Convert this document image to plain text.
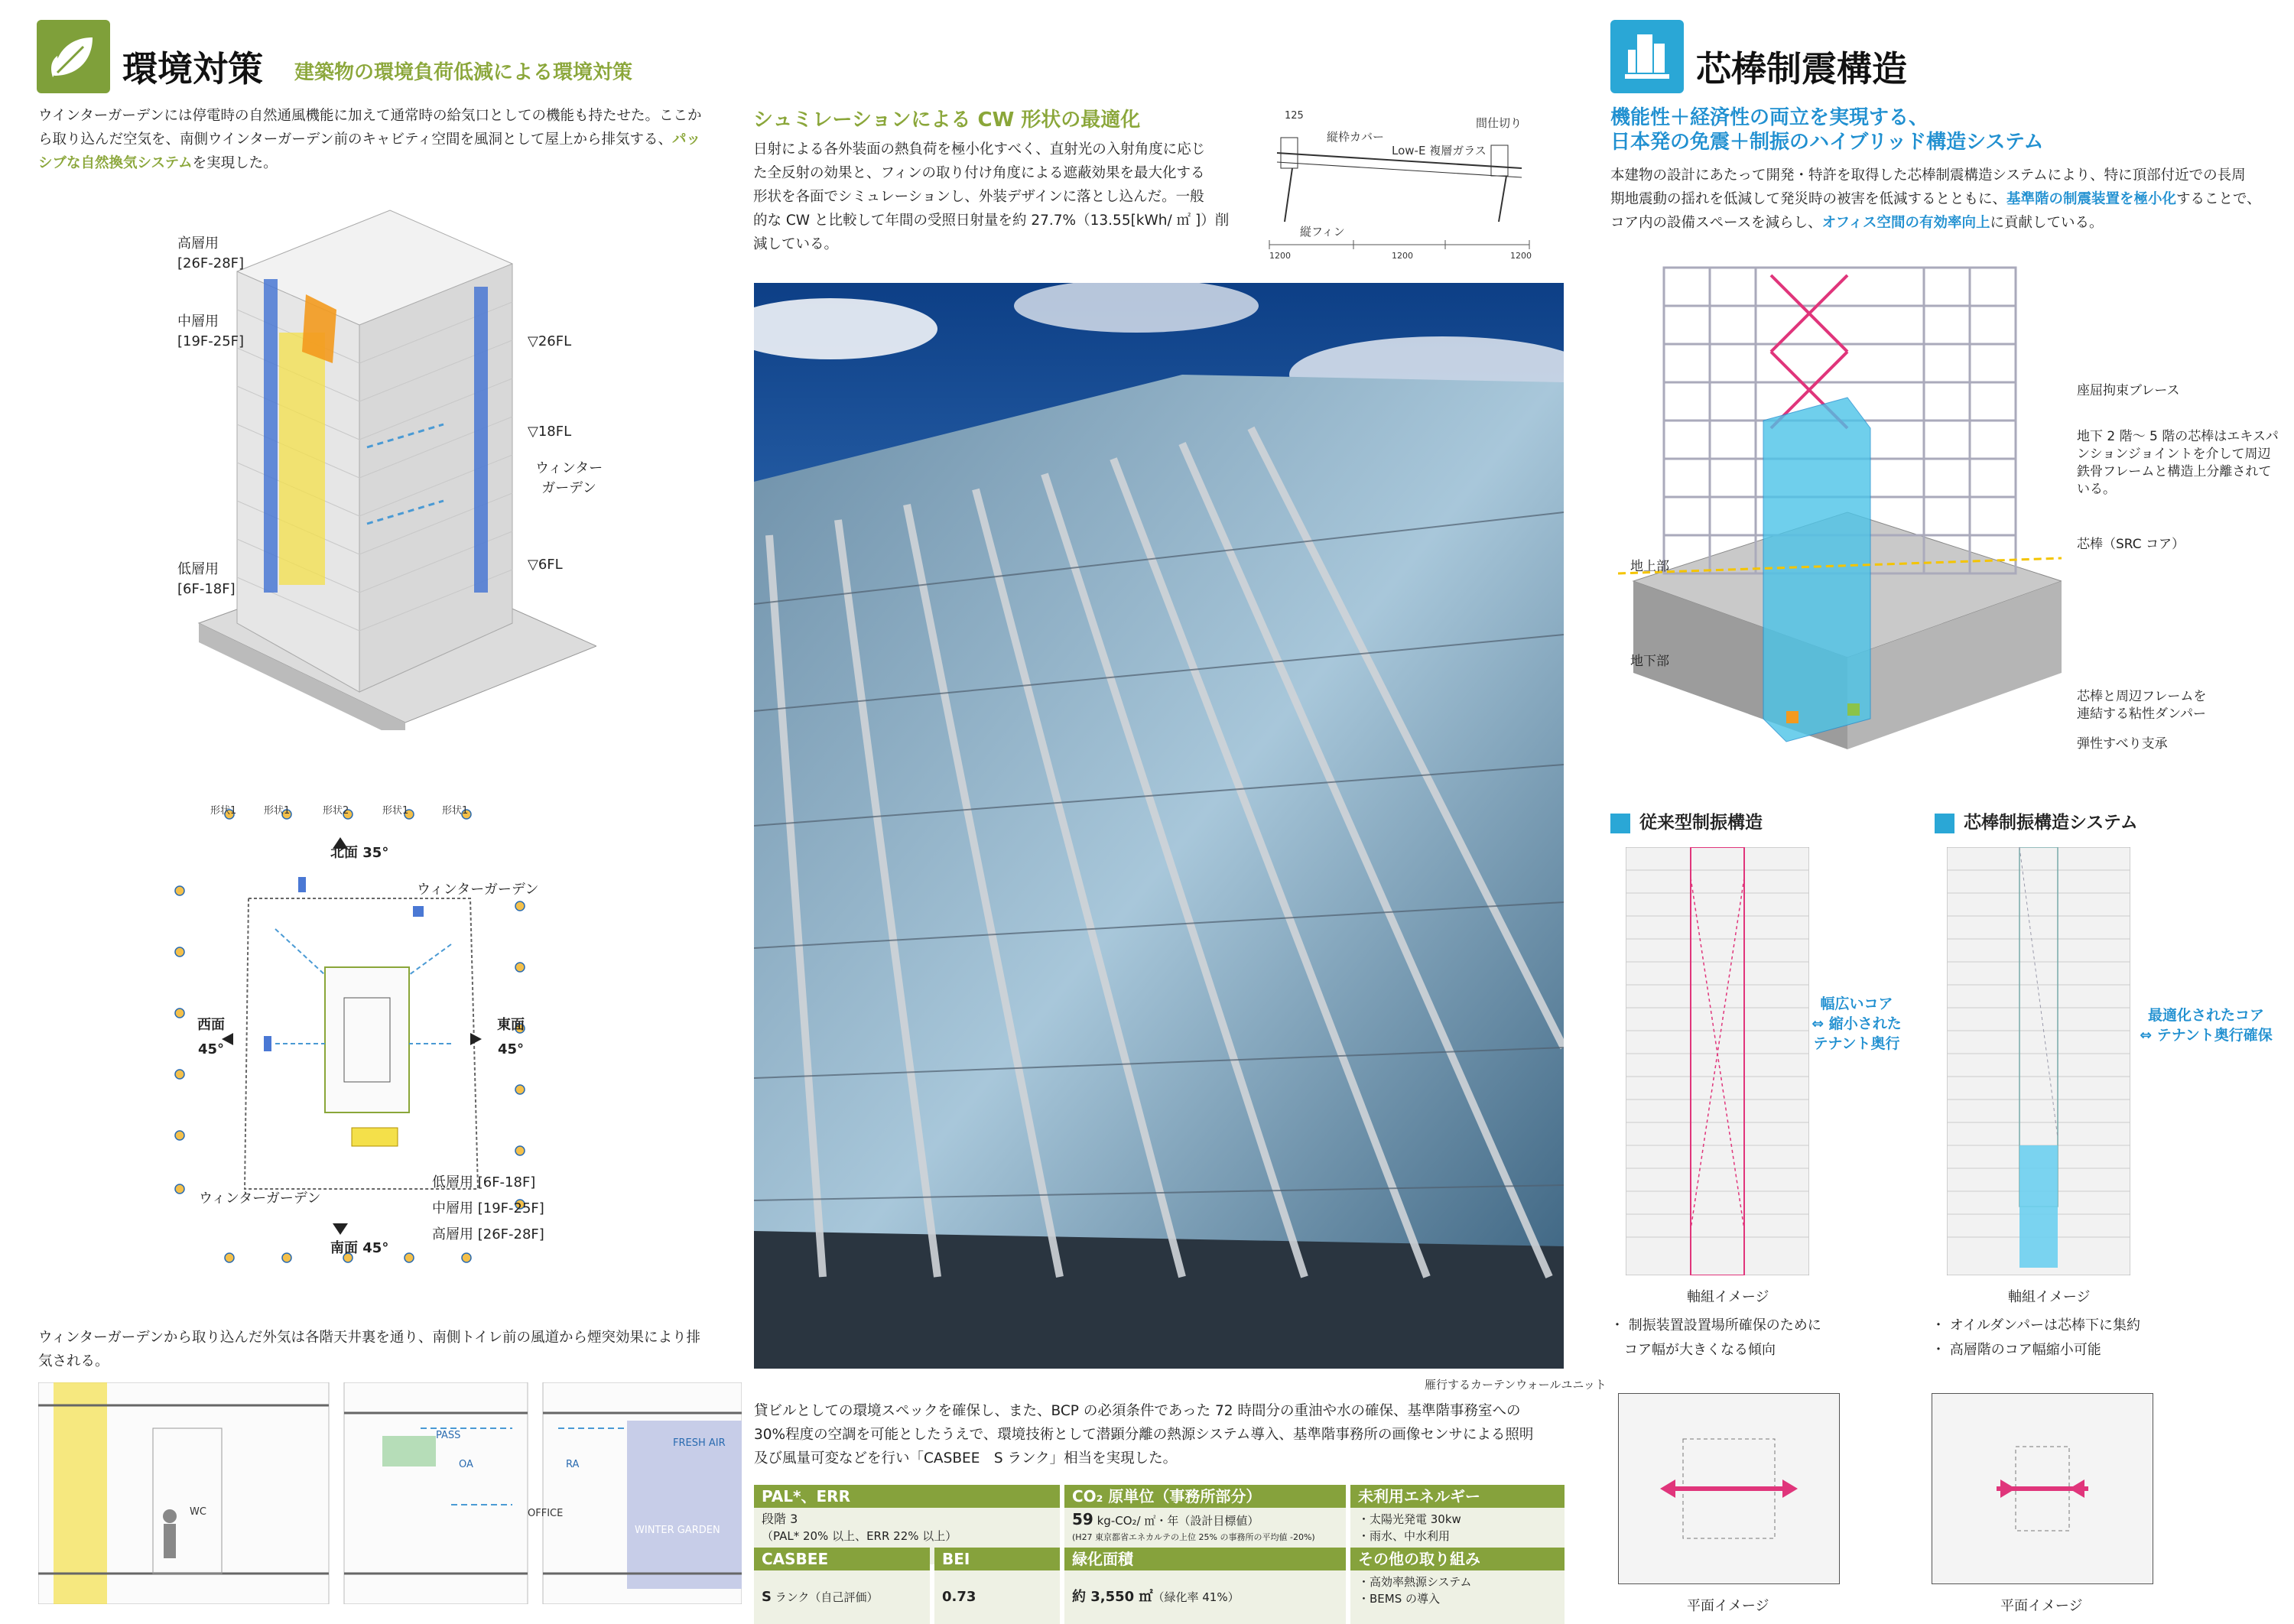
環境対策 建築物の環境負荷低減による環境対策
ウインターガーデンには停電時の自然通風機能に加えて通常時の給気口としての機能も持たせた。ここか
ら取り込んだ空気を、南側ウインターガーデン前のキャビティ空間を風洞として屋上から排気する、パッ
シブな自然換気システムを実現した。
高層用
[26F-28F]
中層用
[19F-25F]
低層用
[6F-18F]
▽26FL
▽18FL
▽6FL
ウィンター
ガーデン
形状1	形状1	形状2	形状1	形状1
北面 35°
ウィンターガーデン
西面
45°
東面
45°
低層用 [6F-18F]
中層用 [19F-25F]
高層用 [26F-28F]
ウィンターガーデン
南面 45°
ウィンターガーデンから取り込んだ外気は各階天井裏を通り、南側トイレ前の風道から煙突効果により排
気される。
WC
PASS
OA	RA
OFFICE
WINTER GARDEN
FRESH AIR
シュミレーションによる CW 形状の最適化
日射による各外装面の熱負荷を極小化すべく、直射光の入射角度に応じ
た全反射の効果と、フィンの取り付け角度による遮蔽効果を最大化する
形状を各面でシミュレーションし、外装デザインに落とし込んだ。一般
的な CW と比較して年間の受照日射量を約 27.7%（13.55[kWh/ ㎡ ]）削
減している。
125
縦枠カバー
間仕切り
Low-E 複層ガラス
縦フィン
1200	1200	1200
雁行するカーテンウォールユニット
貸ビルとしての環境スペックを確保し、また、BCP の必須条件であった 72 時間分の重油や水の確保、基準階事務室への
30%程度の空調を可能としたうえで、環境技術として潜顕分離の熱源システム導入、基準階事務所の画像センサによる照明
及び風量可変などを行い「CASBEE　S ランク」相当を実現した。
PAL*、ERR
段階 3
（PAL* 20% 以上、ERR 22% 以上）
CO₂ 原単位（事務所部分）
59 kg-CO₂/ ㎡・年（設計目標値）
(H27 東京都省エネカルテの上位 25% の事務所の平均値 -20%)
未利用エネルギー
・太陽光発電 30kw
・雨水、中水利用
CASBEE
S ランク（自己評価）
BEI
0.73
緑化面積
約 3,550 ㎡（緑化率 41%）
その他の取り組み
・高効率熱源システム
・BEMS の導入
芯棒制震構造
機能性＋経済性の両立を実現する、
日本発の免震＋制振のハイブリッド構造システム
本建物の設計にあたって開発・特許を取得した芯棒制震構造システムにより、特に頂部付近での長周
期地震動の揺れを低減して発災時の被害を低減するとともに、基準階の制震装置を極小化することで、
コア内の設備スペースを減らし、オフィス空間の有効率向上に貢献している。
座屈拘束ブレース
地下 2 階～ 5 階の芯棒はエキスパ
ンションジョイントを介して周辺
鉄骨フレームと構造上分離されて
いる。
芯棒（SRC コア）
地上部
地下部
芯棒と周辺フレームを
連結する粘性ダンパー
弾性すべり支承
従来型制振構造	芯棒制振構造システム
幅広いコア
⇔ 縮小された
テナント奥行
最適化されたコア
⇔ テナント奥行確保
軸組イメージ	軸組イメージ
・ 制振装置設置場所確保のために
　コア幅が大きくなる傾向
・ オイルダンパーは芯棒下に集約
・ 高層階のコア幅縮小可能
平面イメージ	平面イメージ
